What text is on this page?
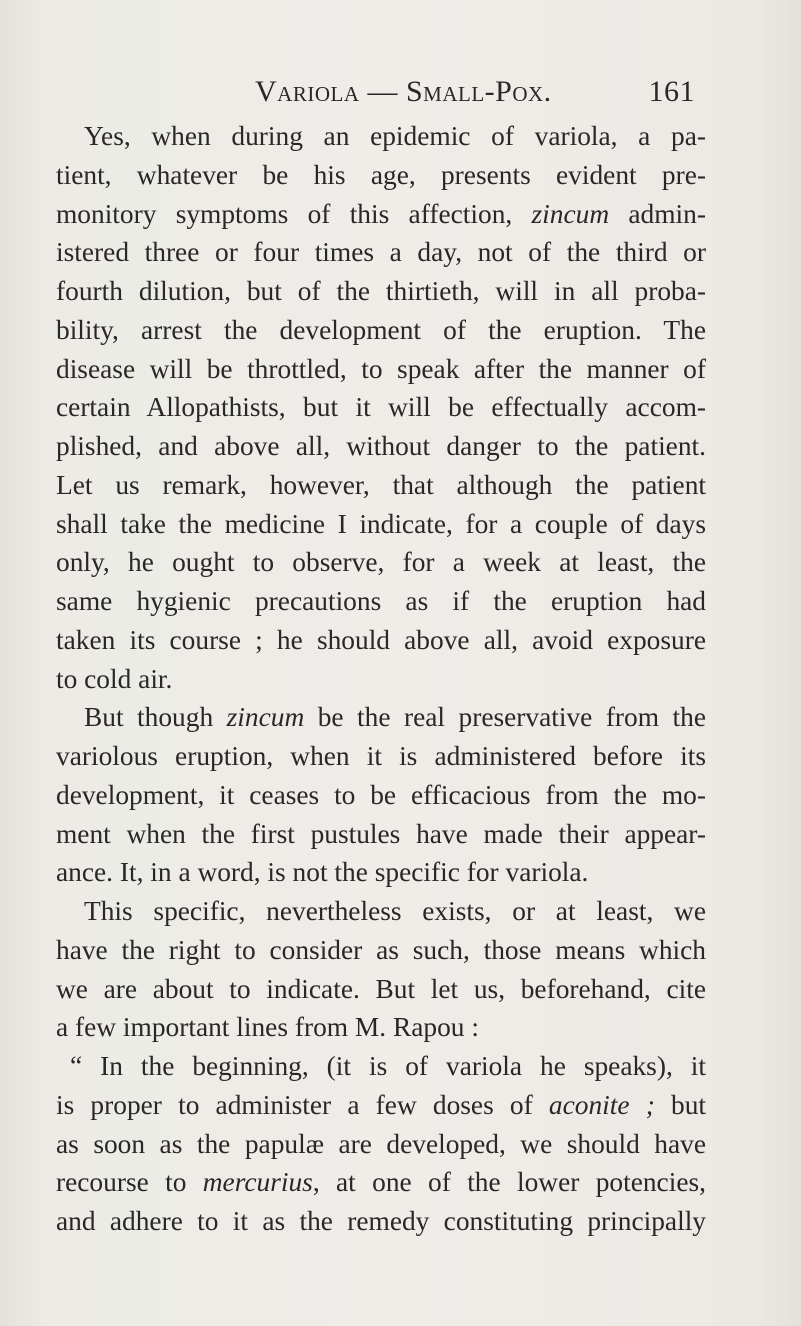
Variola — Small-Pox.	161
Yes, when during an epidemic of variola, a pa-
tient, whatever be his age, presents evident pre-
monitory symptoms of this affection, zincum admin-
istered three or four times a day, not of the third or
fourth dilution, but of the thirtieth, will in all proba-
bility, arrest the development of the eruption. The
disease will be throttled, to speak after the manner of
certain Allopathists, but it will be effectually accom-
plished, and above all, without danger to the patient.
Let us remark, however, that although the patient
shall take the medicine I indicate, for a couple of days
only, he ought to observe, for a week at least, the
same hygienic precautions as if the eruption had
taken its course ; he should above all, avoid exposure
to cold air.
But though zincum be the real preservative from the
variolous eruption, when it is administered before its
development, it ceases to be efficacious from the mo-
ment when the first pustules have made their appear-
ance. It, in a word, is not the specific for variola.
This specific, nevertheless exists, or at least, we
have the right to consider as such, those means which
we are about to indicate. But let us, beforehand, cite
a few important lines from M. Rapou :
“ In the beginning, (it is of variola he speaks), it
is proper to administer a few doses of aconite ; but
as soon as the papulæ are developed, we should have
recourse to mercurius, at one of the lower potencies,
and adhere to it as the remedy constituting principally
